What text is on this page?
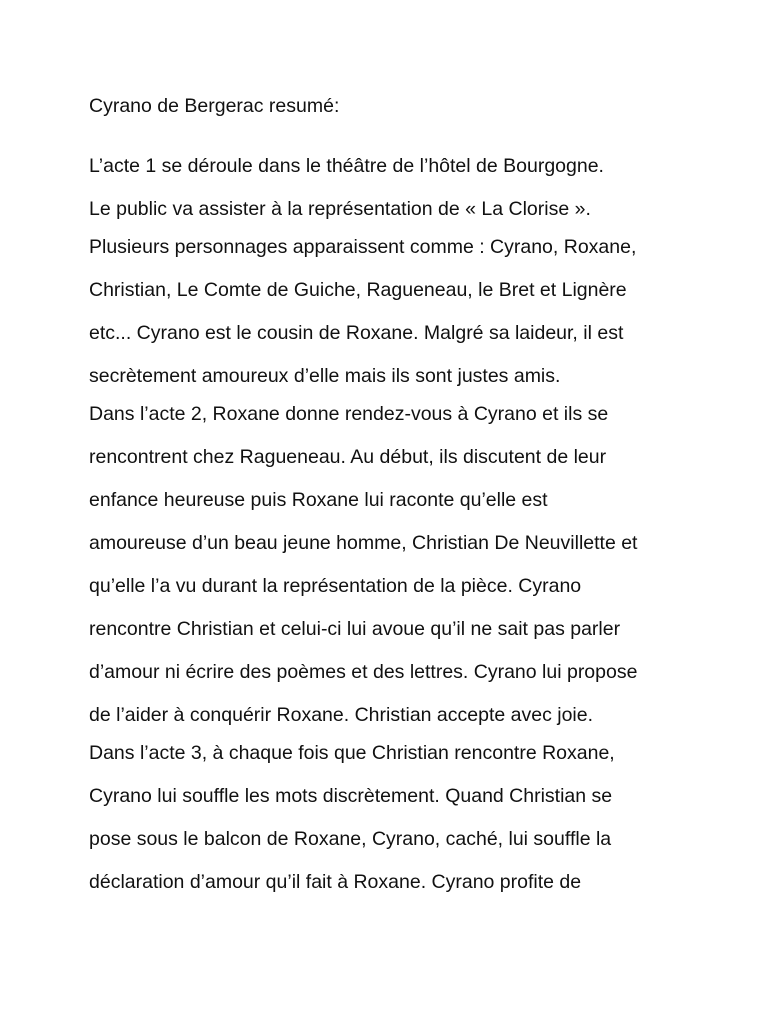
Cyrano de Bergerac resumé:
L’acte 1 se déroule dans le théâtre de l’hôtel de Bourgogne.
Le public va assister à la représentation de « La Clorise ».
Plusieurs personnages apparaissent comme : Cyrano, Roxane,
Christian, Le Comte de Guiche, Ragueneau, le Bret et Lignère
etc... Cyrano est le cousin de Roxane. Malgré sa laideur, il est
secrètement amoureux d’elle mais ils sont justes amis.
Dans l’acte 2, Roxane donne rendez-vous à Cyrano et ils se
rencontrent chez Ragueneau. Au début, ils discutent de leur
enfance heureuse puis Roxane lui raconte qu’elle est
amoureuse d’un beau jeune homme, Christian De Neuvillette et
qu’elle l’a vu durant la représentation de la pièce. Cyrano
rencontre Christian et celui-ci lui avoue qu’il ne sait pas parler
d’amour ni écrire des poèmes et des lettres. Cyrano lui propose
de l’aider à conquérir Roxane. Christian accepte avec joie.
Dans l’acte 3, à chaque fois que Christian rencontre Roxane,
Cyrano lui souffle les mots discrètement. Quand Christian se
pose sous le balcon de Roxane, Cyrano, caché, lui souffle la
déclaration d’amour qu’il fait à Roxane. Cyrano profite de
